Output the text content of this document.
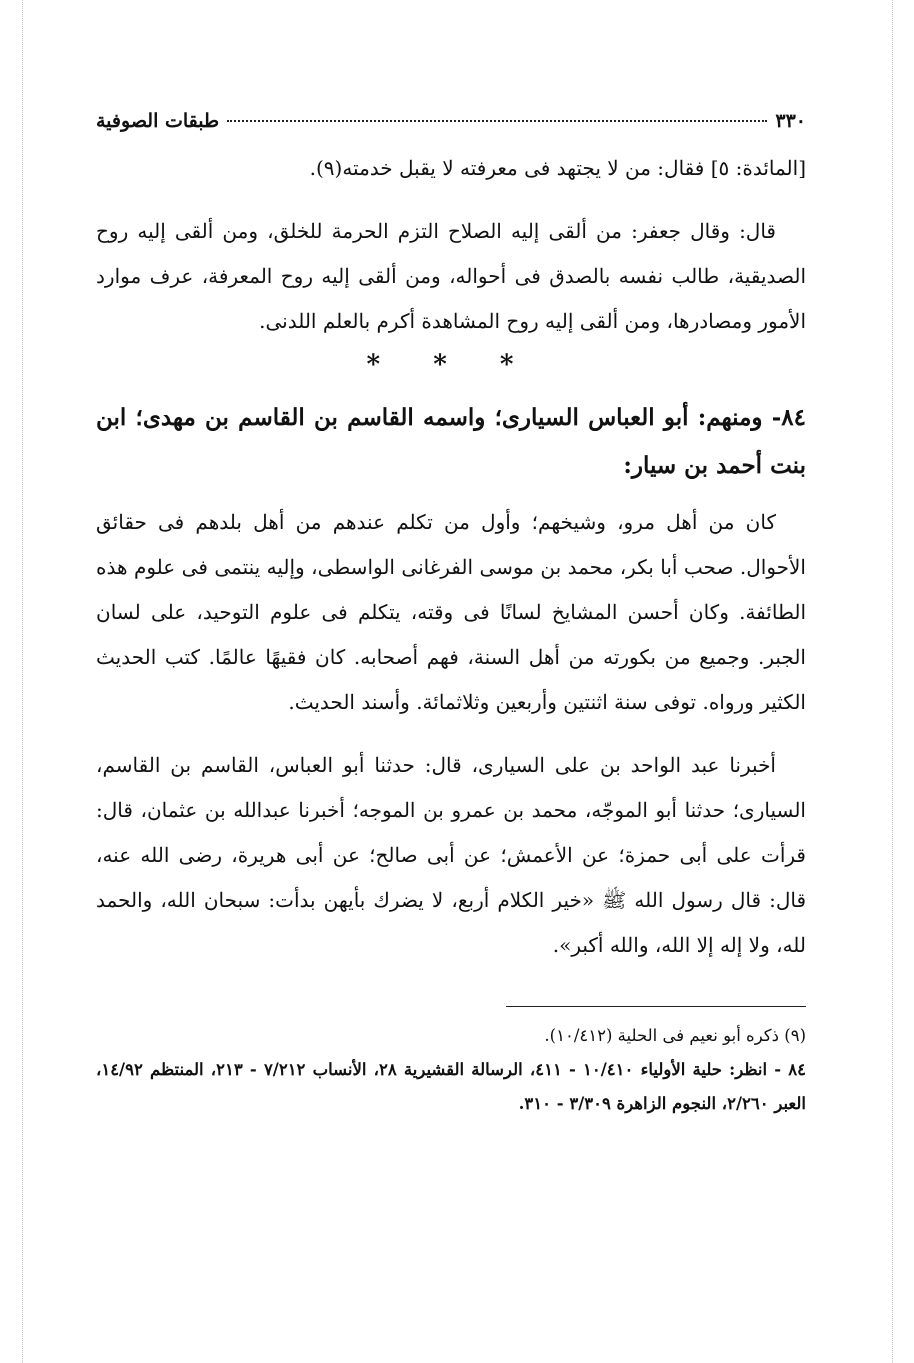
٣٣٠
طبقات الصوفية

[المائدة: ٥] فقال: من لا يجتهد فى معرفته لا يقبل خدمته(٩).

قال: وقال جعفر: من ألقى إليه الصلاح التزم الحرمة للخلق، ومن ألقى إليه روح الصديقية، طالب نفسه بالصدق فى أحواله، ومن ألقى إليه روح المعرفة، عرف موارد الأمور ومصادرها، ومن ألقى إليه روح المشاهدة أكرم بالعلم اللدنى.

* * *

٨٤- ومنهم: أبو العباس السيارى؛ واسمه القاسم بن القاسم بن مهدى؛ ابن بنت أحمد بن سيار:

كان من أهل مرو، وشيخهم؛ وأول من تكلم عندهم من أهل بلدهم فى حقائق الأحوال. صحب أبا بكر، محمد بن موسى الفرغانى الواسطى، وإليه ينتمى فى علوم هذه الطائفة. وكان أحسن المشايخ لسانًا فى وقته، يتكلم فى علوم التوحيد، على لسان الجبر. وجميع من بكورته من أهل السنة، فهم أصحابه. كان فقيهًا عالمًا. كتب الحديث الكثير ورواه. توفى سنة اثنتين وأربعين وثلاثمائة. وأسند الحديث.

أخبرنا عبد الواحد بن على السيارى، قال: حدثنا أبو العباس، القاسم بن القاسم، السيارى؛ حدثنا أبو الموجّه، محمد بن عمرو بن الموجه؛ أخبرنا عبدالله بن عثمان، قال: قرأت على أبى حمزة؛ عن الأعمش؛ عن أبى صالح؛ عن أبى هريرة، رضى الله عنه، قال: قال رسول الله ﷺ «خير الكلام أربع، لا يضرك بأيهن بدأت: سبحان الله، والحمد لله، ولا إله إلا الله، والله أكبر».

(٩) ذكره أبو نعيم فى الحلية (١٠/٤١٢).

٨٤ - انظر: حلية الأولياء ١٠/٤١٠ - ٤١١، الرسالة القشيرية ٢٨، الأنساب ٧/٢١٢ - ٢١٣، المنتظم ١٤/٩٢، العبر ٢/٢٦٠، النجوم الزاهرة ٣/٣٠٩ - ٣١٠.
